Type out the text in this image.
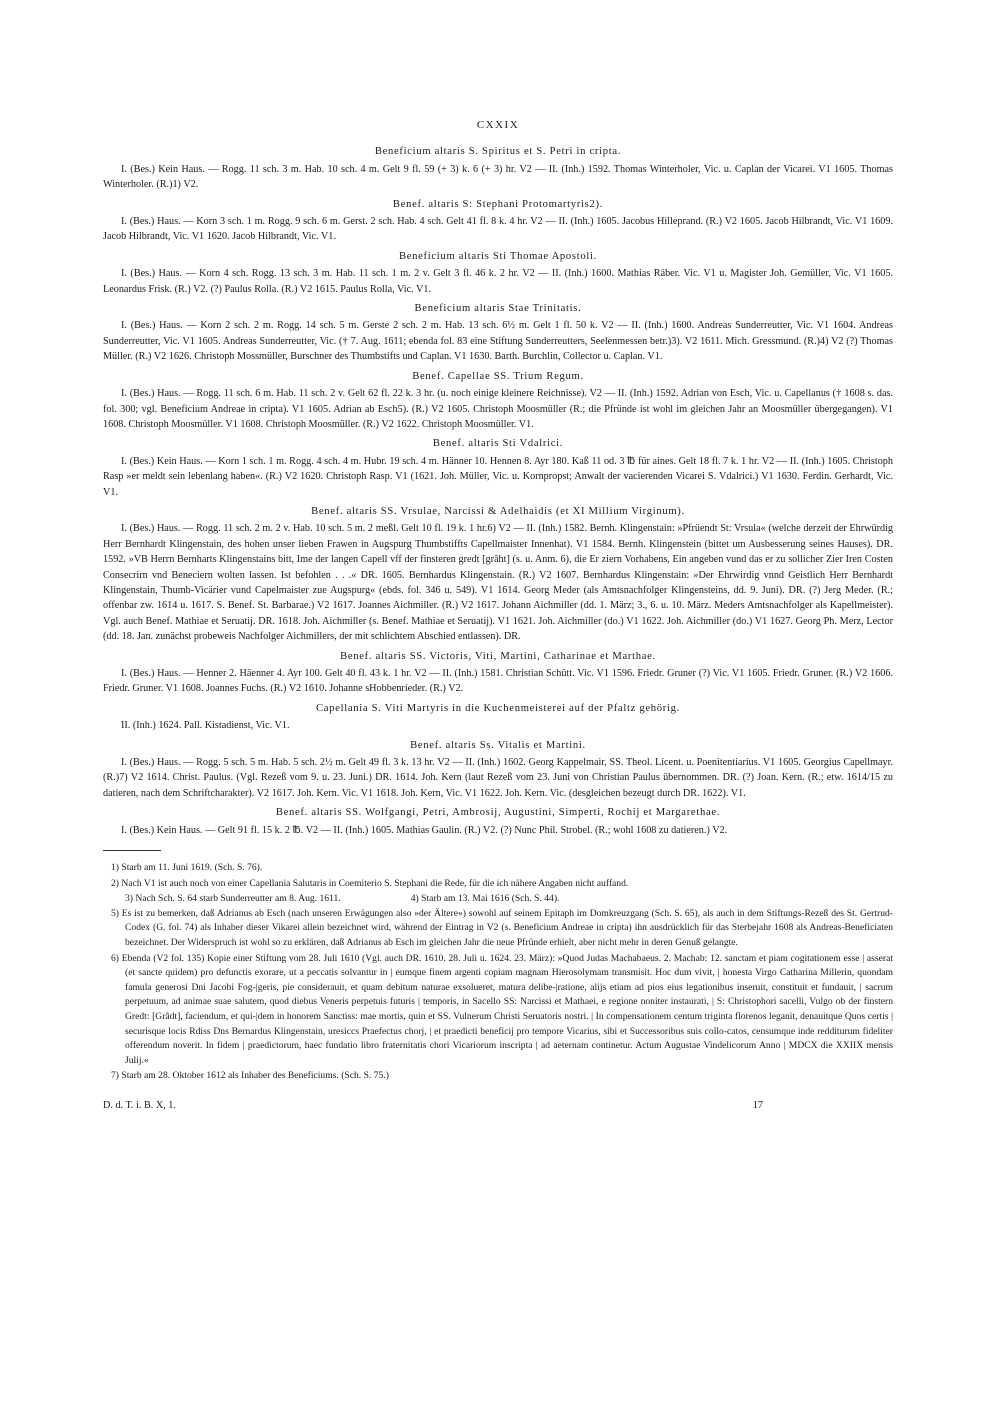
CXXIX
Beneficium altaris S. Spiritus et S. Petri in cripta.

I. (Bes.) Kein Haus. — Rogg. 11 sch. 3 m. Hab. 10 sch. 4 m. Gelt 9 fl. 59 (+ 3) k. 6 (+ 3) hr. V2 — II. (Inh.) 1592. Thomas Winterholer, Vic. u. Caplan der Vicarei. V1 1605. Thomas Winterholer. (R.)1) V2.

Benef. altaris S: Stephani Protomartyris2).

I. (Bes.) Haus. — Korn 3 sch. 1 m. Rogg. 9 sch. 6 m. Gerst. 2 sch. Hab. 4 sch. Gelt 41 fl. 8 k. 4 hr. V2 — II. (Inh.) 1605. Jacobus Hilleprand. (R.) V2 1605. Jacob Hilbrandt, Vic. V1 1609. Jacob Hilbrandt, Vic. V1 1620. Jacob Hilbrandt, Vic. V1.

Beneficium altaris Sti Thomae Apostoli.

I. (Bes.) Haus. — Korn 4 sch. Rogg. 13 sch. 3 m. Hab. 11 sch. 1 m. 2 v. Gelt 3 fl. 46 k. 2 hr. V2 — II. (Inh.) 1600. Mathias Räber. Vic. V1 u. Magister Joh. Gemüller, Vic. V1 1605. Leonardus Frisk. (R.) V2. (?) Paulus Rolla. (R.) V2 1615. Paulus Rolla, Vic. V1.

Beneficium altaris Stae Trinitatis.

I. (Bes.) Haus. — Korn 2 sch. 2 m. Rogg. 14 sch. 5 m. Gerste 2 sch. 2 m. Hab. 13 sch. 6½ m. Gelt 1 fl. 50 k. V2 — II. (Inh.) 1600. Andreas Sunderreutter, Vic. V1 1604. Andreas Sunderreutter, Vic. V1 1605. Andreas Sunderreutter, Vic. († 7. Aug. 1611; ebenda fol. 83 eine Stiftung Sunderreutters, Seelenmessen betr.)3). V2 1611. Mich. Gressmund. (R.)4) V2 (?) Thomas Müller. (R.) V2 1626. Christoph Mossmüller, Burschner des Thumbstifts und Caplan. V1 1630. Barth. Burchlin, Collector u. Caplan. V1.

Benef. Capellae SS. Trium Regum.

I. (Bes.) Haus. — Rogg. 11 sch. 6 m. Hab. 11 sch. 2 v. Gelt 62 fl. 22 k. 3 hr. (u. noch einige kleinere Reichnisse). V2 — II. (Inh.) 1592. Adrian von Esch, Vic. u. Capellanus († 1608 s. das. fol. 300; vgl. Beneficium Andreae in cripta). V1 1605. Adrian ab Esch5). (R.) V2 1605. Christoph Moosmüller (R.; die Pfründe ist wohl im gleichen Jahr an Moosmüller übergegangen). V1 1608. Christoph Moosmüller. V1 1608. Christoph Moosmüller. (R.) V2 1622. Christoph Moosmüller. V1.

Benef. altaris Sti Vdalrici.

I. (Bes.) Kein Haus. — Korn 1 sch. 1 m. Rogg. 4 sch. 4 m. Hubr. 19 sch. 4 m. Hänner 10. Hennen 8. Ayr 180. Kaß 11 od. 3 ℔ für aines. Gelt 18 fl. 7 k. 1 hr. V2 — II. (Inh.) 1605. Christoph Rasp »er meldt sein lebenlang haben«. (R.) V2 1620. Christoph Rasp. V1 (1621. Joh. Müller, Vic. u. Kornpropst; Anwalt der vacierenden Vicarei S. Vdalrici.) V1 1630. Ferdin. Gerhardt, Vic. V1.

Benef. altaris SS. Vrsulae, Narcissi & Adelhaidis (et XI Millium Virginum).

I. (Bes.) Haus. — Rogg. 11 sch. 2 m. 2 v. Hab. 10 sch. 5 m. 2 meßl. Gelt 10 fl. 19 k. 1 hr.6) V2 — II. (Inh.) 1582. Bernh. Klingenstain: »Pfrüendt St: Vrsula« (welche derzeit der Ehrwürdig Herr Bernhardt Klingenstain, des hohen unser lieben Frawen in Augspurg Thumbstiffts Capellmaister Innenhat). V1 1584. Bernh. Klingenstein (bittet um Ausbesserung seines Hauses). DR. 1592. »VB Herrn Bernharts Klingenstains bitt, Ime der langen Capell vff der finsteren gredt [grâht] (s. u. Anm. 6), die Er ziern Vorhabens, Ein angeben vund das er zu sollicher Zier Iren Costen Consecrirn vnd Beneciern wolten lassen. Ist befohlen . . .« DR. 1605. Bernhardus Klingenstain. (R.) V2 1607. Bernhardus Klingenstain: »Der Ehrwirdig vnnd Geistlich Herr Bernhardt Klingenstain, Thumb-Vicärier vund Capelmaister zue Augspurg« (ebds. fol. 346 u. 549). V1 1614. Georg Meder (als Amtsnachfolger Klingensteins, dd. 9. Juni). DR. (?) Jerg Meder. (R.; offenbar zw. 1614 u. 1617. S. Benef. St. Barbarae.) V2 1617. Joannes Aichmiller. (R.) V2 1617. Johann Aichmiller (dd. 1. März; 3., 6. u. 10. März. Meders Amtsnachfolger als Kapellmeister). Vgl. auch Benef. Mathiae et Seruatij. DR. 1618. Joh. Aichmiller (s. Benef. Mathiae et Seruatij). V1 1621. Joh. Aichmiller (do.) V1 1622. Joh. Aichmiller (do.) V1 1627. Georg Ph. Merz, Lector (dd. 18. Jan. zunächst probeweis Nachfolger Aichmillers, der mit schlichtem Abschied entlassen). DR.

Benef. altaris SS. Victoris, Viti, Martini, Catharinae et Marthae.

I. (Bes.) Haus. — Henner 2. Häenner 4. Ayr 100. Gelt 40 fl. 43 k. 1 hr. V2 — II. (Inh.) 1581. Christian Schütt. Vic. V1 1596. Friedr. Gruner (?) Vic. V1 1605. Friedr. Gruner. (R.) V2 1606. Friedr. Gruner. V1 1608. Joannes Fuchs. (R.) V2 1610. Johanne sHobbenrieder. (R.) V2.

Capellania S. Viti Martyris in die Kuchenmeisterei auf der Pfaltz gehörig.

II. (Inh.) 1624. Pall. Kistadienst, Vic. V1.

Benef. altaris Ss. Vitalis et Martini.

I. (Bes.) Haus. — Rogg. 5 sch. 5 m. Hab. 5 sch. 2½ m. Gelt 49 fl. 3 k. 13 hr. V2 — II. (Inh.) 1602. Georg Kappelmair, SS. Theol. Licent. u. Poenitentiarius. V1 1605. Georgius Capellmayr. (R.)7) V2 1614. Christ. Paulus. (Vgl. Rezeß vom 9. u. 23. Juni.) DR. 1614. Joh. Kern (laut Rezeß vom 23. Juni von Christian Paulus übernommen. DR. (?) Joan. Kern. (R.; etw. 1614/15 zu datieren, nach dem Schriftcharakter). V2 1617. Joh. Kern. Vic. V1 1618. Joh. Kern, Vic. V1 1622. Joh. Kern. Vic. (desgleichen bezeugt durch DR. 1622). V1.

Benef. altaris SS. Wolfgangi, Petri, Ambrosij, Augustini, Simperti, Rochij et Margarethae.

I. (Bes.) Kein Haus. — Gelt 91 fl. 15 k. 2 ℔. V2 — II. (Inh.) 1605. Mathias Gaulin. (R.) V2. (?) Nunc Phil. Strobel. (R.; wohl 1608 zu datieren.) V2.

1) Starb am 11. Juni 1619. (Sch. S. 76).

2) Nach V1 ist auch noch von einer Capellania Salutaris in Coemiterio S. Stephani die Rede, für die ich nähere Angaben nicht auffand.

3) Nach Sch. S. 64 starb Sunderreutter am 8. Aug. 1611.	4) Starb am 13. Mai 1616 (Sch. S. 44).

5) Es ist zu bemerken, daß Adrianus ab Esch (nach unseren Erwägungen also »der Ältere«) sowohl auf seinem Epitaph im Domkreuzgang (Sch. S. 65), als auch in dem Stiftungs-Rezeß des St. Gertrud-Codex (G. fol. 74) als Inhaber dieser Vikarei allein bezeichnet wird, während der Eintrag in V2 (s. Beneficium Andreae in cripta) ihn ausdrücklich für das Sterbejahr 1608 als Andreas-Beneficiaten bezeichnet. Der Widerspruch ist wohl so zu erklären, daß Adrianus ab Esch im gleichen Jahr die neue Pfründe erhielt, aber nicht mehr in deren Genuß gelangte.

6) Ebenda (V2 fol. 135) Kopie einer Stiftung vom 28. Juli 1610 (Vgl. auch DR. 1610. 28. Juli u. 1624. 23. März): »Quod Judas Machabaeus. 2. Machab: 12. sanctam et piam cogitationem esse | asserat (et sancte quidem) pro defunctis exorare, ut a peccatis solvantur in | eumque finem argenti copiam magnam Hierosolymam transmisit. Hoc dum vivit, | honesta Virgo Catharina Millerin, quondam famula generosi Dni Jacobi Fog-|geris, pie considerauit, et quam debitum naturae exsolueret, matura delibe-|ratione, alijs etiam ad pios eius legationibus inseruit, constituit et fundauit, | sacrum perpetuum, ad animae suae salutem, quod diebus Veneris perpetuis futuris | temporis, in Sacello SS: Narcissi et Mathaei, e regione noniter instaurati, | S: Christophori sacelli, Vulgo ob der finstern Gredt: [Grâdt], faciendum, et qui-|dem in honorem Sanctiss: mae mortis, quin et SS. Vulnerum Christi Seruatoris nostri. | In compensationem centum triginta florenos leganit, denauitque Quos certis | securisque locis Rdiss Dns Bernardus Klingenstain, uresiccs Praefectus chorj, | et praedicti beneficij pro tempore Vicarius, sibi et Successoribus suis collo-catos, censumque inde redditurum fideliter offerendum noverit. In fidem | praedictorum, haec fundatio libro fraternitatis chori Vicariorum inscripta | ad aeternam continetur. Actum Augustae Vindelicorum Anno | MDCX die XXIIX mensis Julij.«

7) Starb am 28. Oktober 1612 als Inhaber des Beneficiums. (Sch. S. 75.)

D. d. T. i. B. X, 1.	17
